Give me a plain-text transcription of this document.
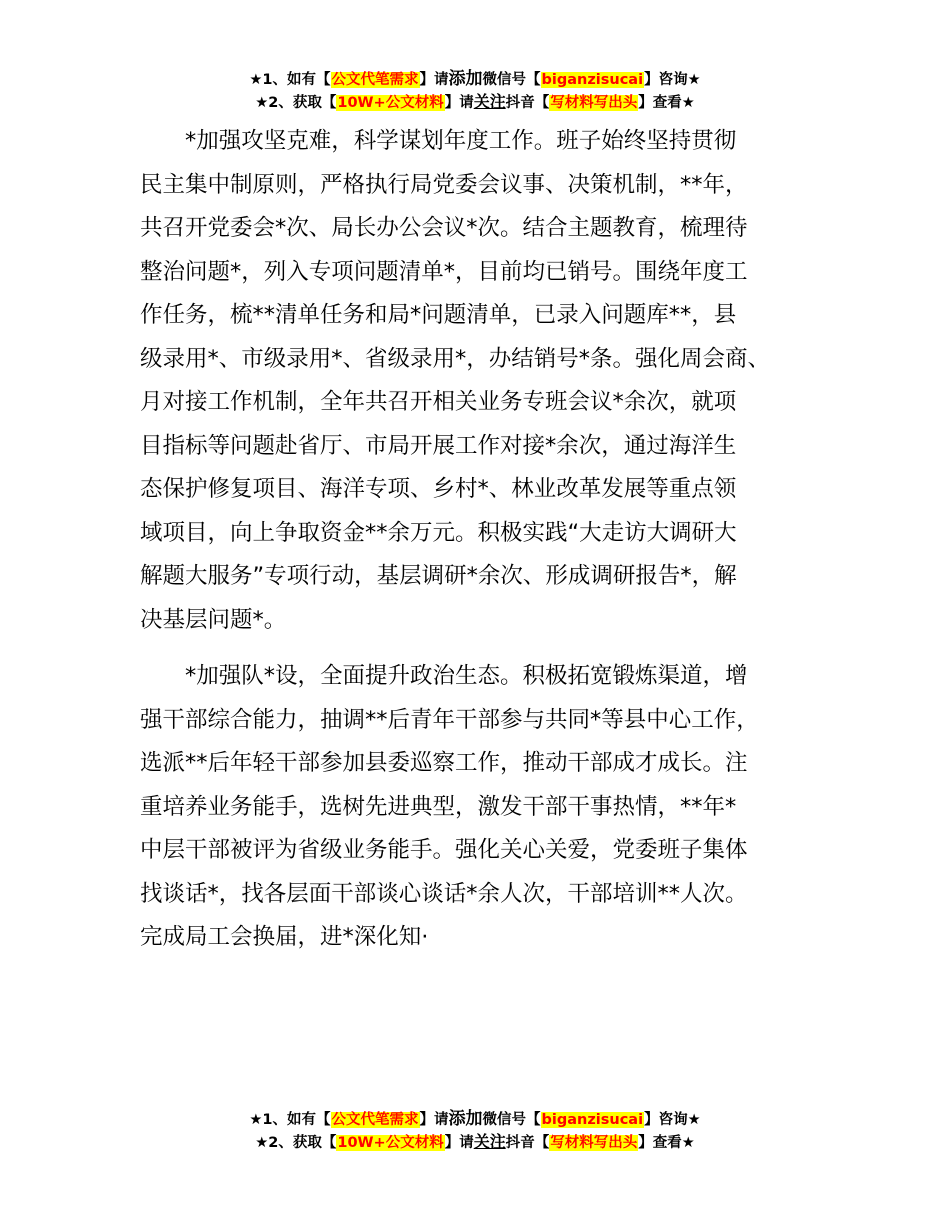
★1、如有【公文代笔需求】请添加微信号【biganzisucai】咨询★
★2、获取【10W+公文材料】请关注抖音【写材料写出头】查看★

*加强攻坚克难，科学谋划年度工作。班子始终坚持贯彻
民主集中制原则，严格执行局党委会议事、决策机制，**年，
共召开党委会*次、局长办公会议*次。结合主题教育，梳理待
整治问题*，列入专项问题清单*，目前均已销号。围绕年度工
作任务，梳**清单任务和局*问题清单，已录入问题库**，县
级录用*、市级录用*、省级录用*，办结销号*条。强化周会商、
月对接工作机制，全年共召开相关业务专班会议*余次，就项
目指标等问题赴省厅、市局开展工作对接*余次，通过海洋生
态保护修复项目、海洋专项、乡村*、林业改革发展等重点领
域项目，向上争取资金**余万元。积极实践“大走访大调研大
解题大服务”专项行动，基层调研*余次、形成调研报告*，解
决基层问题*。

*加强队*设，全面提升政治生态。积极拓宽锻炼渠道，增
强干部综合能力，抽调**后青年干部参与共同*等县中心工作，
选派**后年轻干部参加县委巡察工作，推动干部成才成长。注
重培养业务能手，选树先进典型，激发干部干事热情，**年*
中层干部被评为省级业务能手。强化关心关爱，党委班子集体
找谈话*，找各层面干部谈心谈话*余人次，干部培训**人次。
完成局工会换届，进*深化知·

★1、如有【公文代笔需求】请添加微信号【biganzisucai】咨询★
★2、获取【10W+公文材料】请关注抖音【写材料写出头】查看★
